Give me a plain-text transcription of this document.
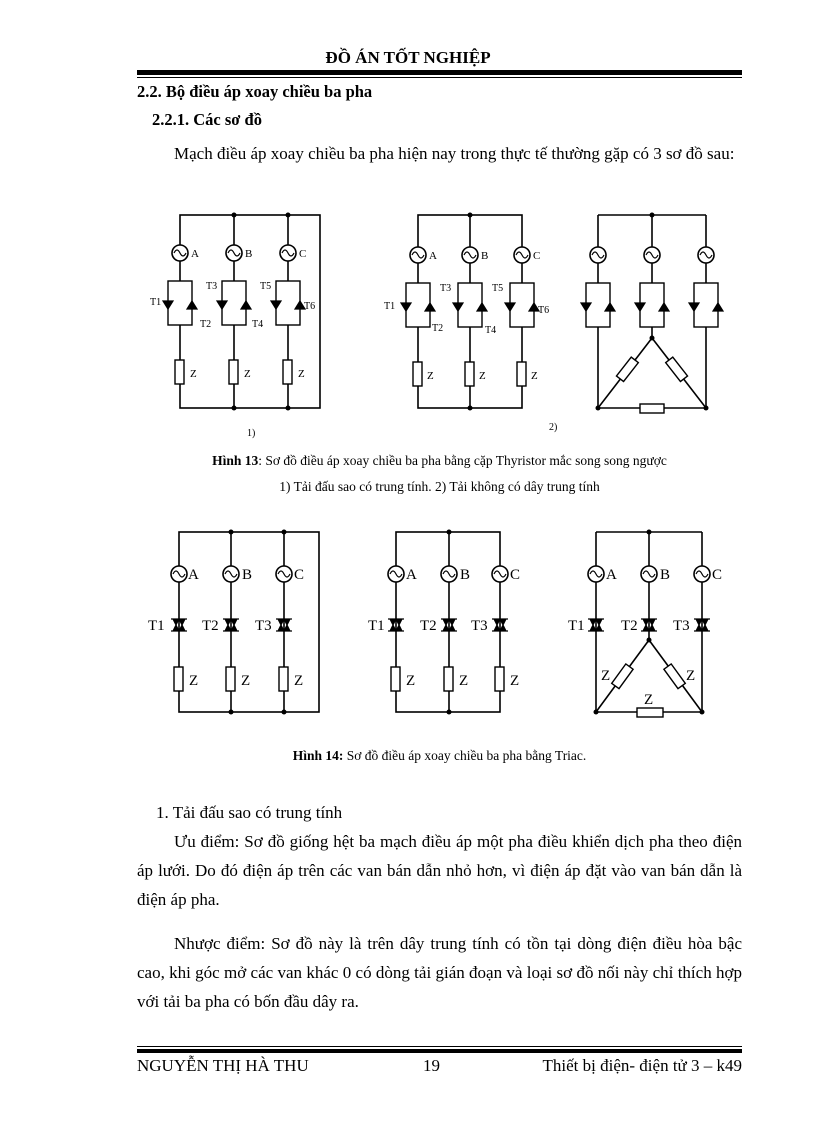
ĐỒ ÁN TỐT NGHIỆP
2.2. Bộ điều áp xoay chiều ba pha
2.2.1. Các sơ đồ
Mạch điều áp xoay chiều ba pha hiện nay trong thực tế thường gặp có 3 sơ đồ sau:
A	B	C	A	B	C
T1
T2
T3
T4
T5
T6	T1
T2
T3
T4
T5
T6
Z	Z	Z	Z	Z	Z
1)
2)
Hình 13: Sơ đồ điều áp xoay chiều ba pha bằng cặp Thyristor mắc song song ngược
1) Tải đấu sao có trung tính. 2) Tải không có dây trung tính
A	B	C	A	B	C	A	B	C
T1 T2 T3	T1 T2 T3	T1 T2 T3
Z	Z	Z	Z	Z	Z	Z	Z
Z
Hình 14: Sơ đồ điều áp xoay chiều ba pha bằng Triac.
1. Tải đấu sao có trung tính
Ưu điểm: Sơ đồ giống hệt ba mạch điều áp một pha điều khiển dịch pha theo điện áp lưới. Do đó điện áp trên các van bán dẫn nhỏ hơn, vì điện áp đặt vào van bán dẫn là điện áp pha.
Nhược điểm: Sơ đồ này là trên dây trung tính có tồn tại dòng điện điều hòa bậc cao, khi góc mở các van khác 0 có dòng tải gián đoạn và loại sơ đồ nối này chỉ thích hợp với tải ba pha có bốn đầu dây ra.
NGUYỄN THỊ HÀ THU	19	Thiết bị điện- điện tử 3 – k49
